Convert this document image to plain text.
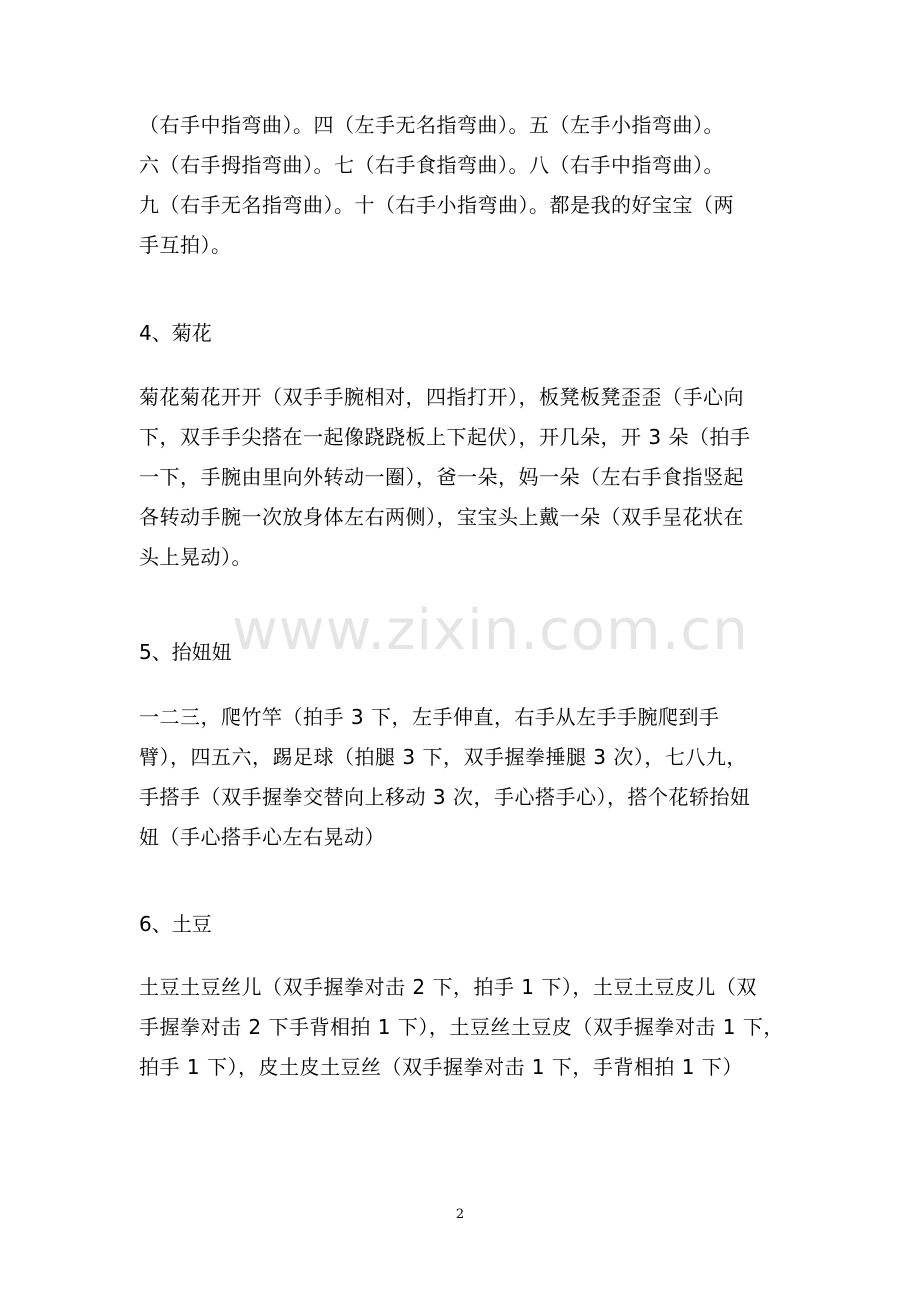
（右手中指弯曲）。四（左手无名指弯曲）。五（左手小指弯曲）。
六（右手拇指弯曲）。七（右手食指弯曲）。八（右手中指弯曲）。
九（右手无名指弯曲）。十（右手小指弯曲）。都是我的好宝宝（两
手互拍）。
4、菊花
菊花菊花开开（双手手腕相对，四指打开），板凳板凳歪歪（手心向
下，双手手尖搭在一起像跷跷板上下起伏），开几朵，开 3 朵（拍手
一下，手腕由里向外转动一圈），爸一朵，妈一朵（左右手食指竖起
各转动手腕一次放身体左右两侧），宝宝头上戴一朵（双手呈花状在
头上晃动）。
www.zixin.com.cn
5、抬妞妞
一二三，爬竹竿（拍手 3 下，左手伸直，右手从左手手腕爬到手
臂），四五六，踢足球（拍腿 3 下，双手握拳捶腿 3 次），七八九，
手搭手（双手握拳交替向上移动 3 次，手心搭手心），搭个花轿抬妞
妞（手心搭手心左右晃动）
6、土豆
土豆土豆丝儿（双手握拳对击 2 下，拍手 1 下），土豆土豆皮儿（双
手握拳对击 2 下手背相拍 1 下），土豆丝土豆皮（双手握拳对击 1 下，
拍手 1 下），皮土皮土豆丝（双手握拳对击 1 下，手背相拍 1 下）
2
